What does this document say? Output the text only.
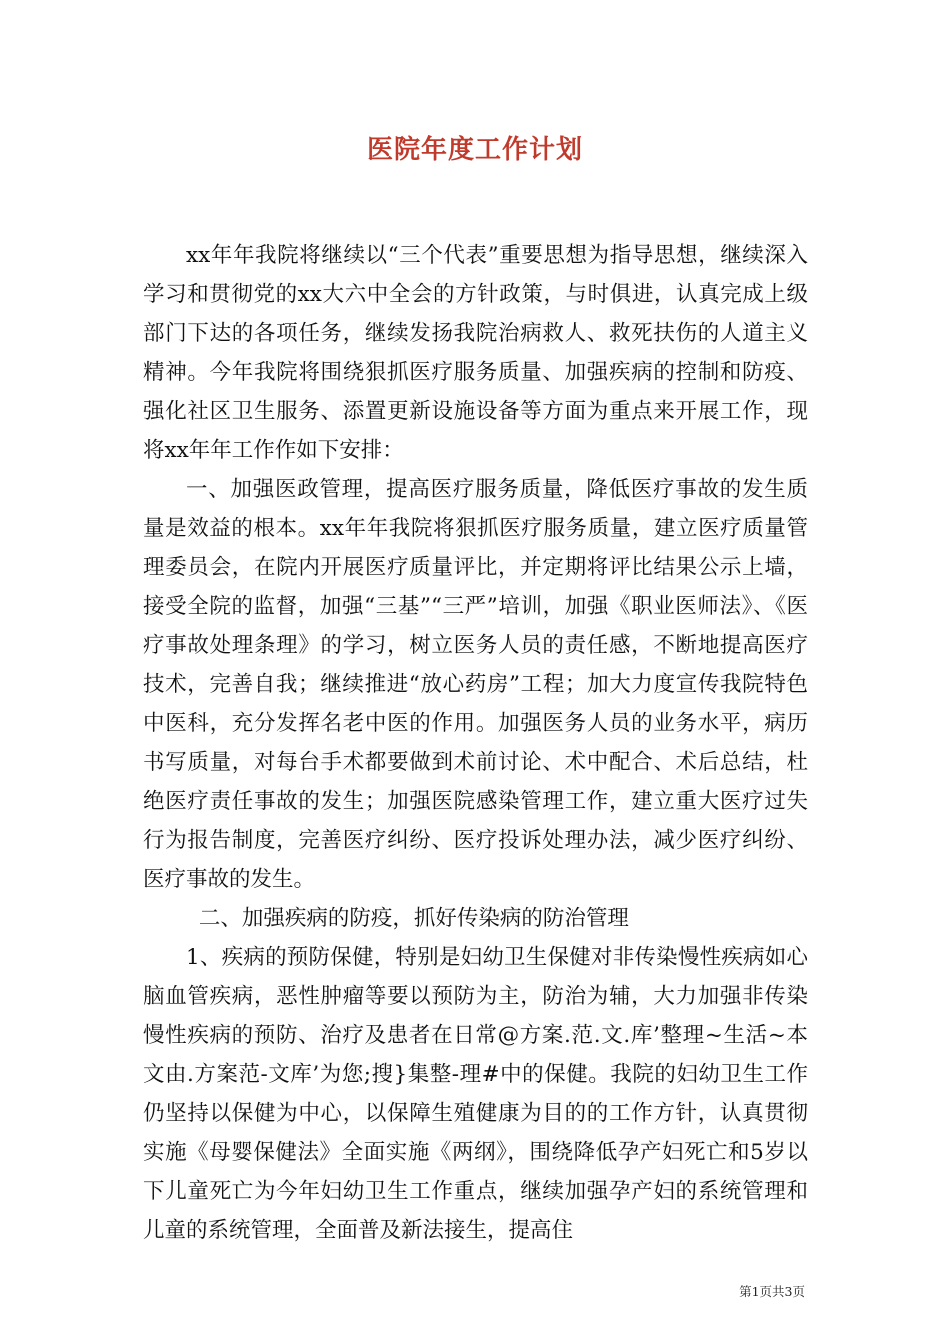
医院年度工作计划

xx年年我院将继续以“三个代表”重要思想为指导思想，继续深入学习和贯彻党的xx大六中全会的方针政策，与时俱进，认真完成上级部门下达的各项任务，继续发扬我院治病救人、救死扶伤的人道主义精神。今年我院将围绕狠抓医疗服务质量、加强疾病的控制和防疫、强化社区卫生服务、添置更新设施设备等方面为重点来开展工作，现将xx年年工作作如下安排：

一、加强医政管理，提高医疗服务质量，降低医疗事故的发生质量是效益的根本。xx年年我院将狠抓医疗服务质量，建立医疗质量管理委员会，在院内开展医疗质量评比，并定期将评比结果公示上墙，接受全院的监督，加强“三基”“三严”培训，加强《职业医师法》、《医疗事故处理条理》的学习，树立医务人员的责任感，不断地提高医疗技术，完善自我；继续推进“放心药房”工程；加大力度宣传我院特色中医科，充分发挥名老中医的作用。加强医务人员的业务水平，病历书写质量，对每台手术都要做到术前讨论、术中配合、术后总结，杜绝医疗责任事故的发生；加强医院感染管理工作，建立重大医疗过失行为报告制度，完善医疗纠纷、医疗投诉处理办法，减少医疗纠纷、医疗事故的发生。

二、加强疾病的防疫，抓好传染病的防治管理

1、疾病的预防保健，特别是妇幼卫生保健对非传染慢性疾病如心脑血管疾病，恶性肿瘤等要以预防为主，防治为辅，大力加强非传染慢性疾病的预防、治疗及患者在日常@方案.范.文.库’整理~生活~本文由.方案范-文库’为您;搜}集整-理#中的保健。我院的妇幼卫生工作仍坚持以保健为中心，以保障生殖健康为目的的工作方针，认真贯彻实施《母婴保健法》全面实施《两纲》，围绕降低孕产妇死亡和5岁以下儿童死亡为今年妇幼卫生工作重点，继续加强孕产妇的系统管理和儿童的系统管理，全面普及新法接生，提高住

第1页共3页
